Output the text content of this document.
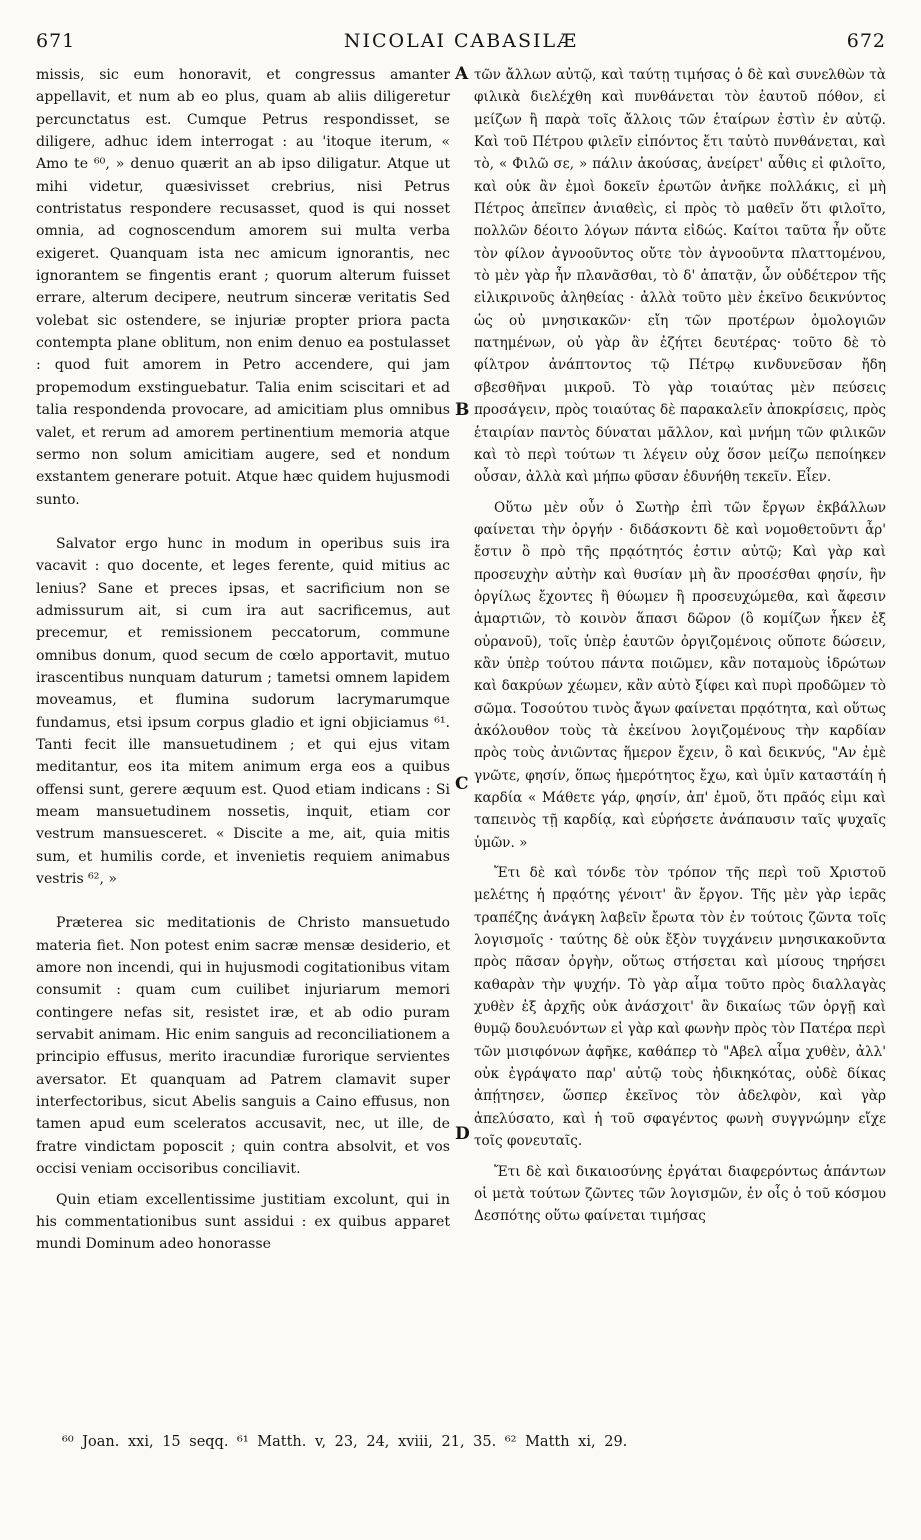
671	NICOLAI CABASILÆ	672

missis, sic eum honoravit, et congressus amanter appellavit, et num ab eo plus, quam ab aliis diligeretur percunctatus est. Cumque Petrus respondisset, se diligere, adhuc idem interrogat : au 'itoque iterum, « Amo te ⁶⁰, » denuo quærit an ab ipso diligatur. Atque ut mihi videtur, quæsivisset crebrius, nisi Petrus contristatus respondere recusasset, quod is qui nosset omnia, ad cognoscendum amorem sui multa verba exigeret. Quanquam ista nec amicum ignorantis, nec ignorantem se fingentis erant ; quorum alterum fuisset errare, alterum decipere, neutrum sinceræ veritatis Sed volebat sic ostendere, se injuriæ propter priora pacta contempta plane oblitum, non enim denuo ea postulasset : quod fuit amorem in Petro accendere, qui jam propemodum exstinguebatur. Talia enim sciscitari et ad talia respondenda provocare, ad amicitiam plus omnibus valet, et rerum ad amorem pertinentium memoria atque sermo non solum amicitiam augere, sed et nondum exstantem generare potuit. Atque hæc quidem hujusmodi sunto.

Salvator ergo hunc in modum in operibus suis ira vacavit : quo docente, et leges ferente, quid mitius ac lenius? Sane et preces ipsas, et sacrificium non se admissurum ait, si cum ira aut sacrificemus, aut precemur, et remissionem peccatorum, commune omnibus donum, quod secum de cœlo apportavit, mutuo irascentibus nunquam daturum ; tametsi omnem lapidem moveamus, et flumina sudorum lacrymarumque fundamus, etsi ipsum corpus gladio et igni objiciamus ⁶¹. Tanti fecit ille mansuetudinem ; et qui ejus vitam meditantur, eos ita mitem animum erga eos a quibus offensi sunt, gerere æquum est. Quod etiam indicans : Si meam mansuetudinem nossetis, inquit, etiam cor vestrum mansuesceret. « Discite a me, ait, quia mitis sum, et humilis corde, et invenietis requiem animabus vestris ⁶², »

Præterea sic meditationis de Christo mansuetudo materia fiet. Non potest enim sacræ mensæ desiderio, et amore non incendi, qui in hujusmodi cogitationibus vitam consumit : quam cum cuilibet injuriarum memori contingere nefas sit, resistet iræ, et ab odio puram servabit animam. Hic enim sanguis ad reconciliationem a principio effusus, merito iracundiæ furorique servientes aversator. Et quanquam ad Patrem clamavit super interfectoribus, sicut Abelis sanguis a Caino effusus, non tamen apud eum sceleratos accusavit, nec, ut ille, de fratre vindictam poposcit ; quin contra absolvit, et vos occisi veniam occisoribus conciliavit.

Quin etiam excellentissime justitiam excolunt, qui in his commentationibus sunt assidui : ex quibus apparet mundi Dominum adeo honorasse

A
B
C
D

τῶν ἄλλων αὐτῷ, καὶ ταύτῃ τιμήσας ὁ δὲ καὶ συνελθὼν τὰ φιλικὰ διελέχθη καὶ πυνθάνεται τὸν ἑαυτοῦ πόθον, εἰ μείζων ἢ παρὰ τοῖς ἄλλοις τῶν ἑταίρων ἐστὶν ἐν αὐτῷ. Καὶ τοῦ Πέτρου φιλεῖν εἰπόντος ἔτι ταὐτὸ πυνθάνεται, καὶ τὸ, « Φιλῶ σε, » πάλιν ἀκούσας, ἀνείρετ' αὖθις εἰ φιλοῖτο, καὶ οὐκ ἂν ἐμοὶ δοκεῖν ἐρωτῶν ἀνῆκε πολλάκις, εἰ μὴ Πέτρος ἀπεῖπεν ἀνιαθεὶς, εἰ πρὸς τὸ μαθεῖν ὅτι φιλοῖτο, πολλῶν δέοιτο λόγων πάντα εἰδώς. Καίτοι ταῦτα ἦν οὔτε τὸν φίλον ἀγνοοῦντος οὔτε τὸν ἀγνοοῦντα πλαττομένου, τὸ μὲν γὰρ ἦν πλανᾶσθαι, τὸ δ' ἀπατᾷν, ὧν οὐδέτερον τῆς εἰλικρινοῦς ἀληθείας · ἀλλὰ τοῦτο μὲν ἐκεῖνο δεικνύντος ὡς οὐ μνησικακῶν· εἴη τῶν προτέρων ὁμολογιῶν πατημένων, οὐ γὰρ ἂν ἐζήτει δευτέρας· τοῦτο δὲ τὸ φίλτρον ἀνάπτοντος τῷ Πέτρῳ κινδυνεῦσαν ἤδη σβεσθῆναι μικροῦ. Τὸ γὰρ τοιαύτας μὲν πεύσεις προσάγειν, πρὸς τοιαύτας δὲ παρακαλεῖν ἀποκρίσεις, πρὸς ἑταιρίαν παντὸς δύναται μᾶλλον, καὶ μνήμη τῶν φιλικῶν καὶ τὸ περὶ τούτων τι λέγειν οὐχ ὅσον μείζω πεποίηκεν οὖσαν, ἀλλὰ καὶ μήπω φῦσαν ἐδυνήθη τεκεῖν. Εἶεν.

Οὕτω μὲν οὖν ὁ Σωτὴρ ἐπὶ τῶν ἔργων ἐκβάλλων φαίνεται τὴν ὀργήν · διδάσκοντι δὲ καὶ νομοθετοῦντι ἆρ' ἔστιν ὃ πρὸ τῆς πρᾳότητός ἐστιν αὐτῷ; Καὶ γὰρ καὶ προσευχὴν αὐτὴν καὶ θυσίαν μὴ ἂν προσέσθαι φησίν, ἣν ὀργίλως ἔχοντες ἢ θύωμεν ἢ προσευχώμεθα, καὶ ἄφεσιν ἁμαρτιῶν, τὸ κοινὸν ἅπασι δῶρον (ὃ κομίζων ἧκεν ἐξ οὐρανοῦ), τοῖς ὑπὲρ ἑαυτῶν ὀργιζομένοις οὔποτε δώσειν, κἂν ὑπὲρ τούτου πάντα ποιῶμεν, κἂν ποταμοὺς ἱδρώτων καὶ δακρύων χέωμεν, κἂν αὐτὸ ξίφει καὶ πυρὶ προδῶμεν τὸ σῶμα. Τοσούτου τινὸς ἄγων φαίνεται πρᾳότητα, καὶ οὕτως ἀκόλουθον τοὺς τὰ ἐκείνου λογιζομένους τὴν καρδίαν πρὸς τοὺς ἀνιῶντας ἥμερον ἔχειν, ὃ καὶ δεικνύς, "Αν ἐμὲ γνῶτε, φησίν, ὅπως ἡμερότητος ἔχω, καὶ ὑμῖν καταστάίη ἡ καρδία « Μάθετε γάρ, φησίν, ἀπ' ἐμοῦ, ὅτι πρᾶός εἰμι καὶ ταπεινὸς τῇ καρδίᾳ, καὶ εὑρήσετε ἀνάπαυσιν ταῖς ψυχαῖς ὑμῶν. »

Ἔτι δὲ καὶ τόνδε τὸν τρόπον τῆς περὶ τοῦ Χριστοῦ μελέτης ἡ πρᾳότης γένοιτ' ἂν ἔργον. Τῆς μὲν γὰρ ἱερᾶς τραπέζης ἀνάγκη λαβεῖν ἔρωτα τὸν ἐν τούτοις ζῶντα τοῖς λογισμοῖς · ταύτης δὲ οὐκ ἔξὸν τυγχάνειν μνησικακοῦντα πρὸς πᾶσαν ὀργὴν, οὕτως στήσεται καὶ μίσους τηρήσει καθαρὰν τὴν ψυχήν. Τὸ γὰρ αἷμα τοῦτο πρὸς διαλλαγὰς χυθὲν ἐξ ἀρχῆς οὐκ ἀνάσχοιτ' ἂν δικαίως τῶν ὀργῇ καὶ θυμῷ δουλευόντων εἰ γὰρ καὶ φωνὴν πρὸς τὸν Πατέρα περὶ τῶν μισιφόνων ἀφῆκε, καθάπερ τὸ "Αβελ αἷμα χυθὲν, ἀλλ' οὐκ ἐγράψατο παρ' αὐτῷ τοὺς ἠδικηκότας, οὐδὲ δίκας ἀπῄτησεν, ὥσπερ ἐκεῖνος τὸν ἀδελφὸν, καὶ γὰρ ἀπελύσατο, καὶ ἡ τοῦ σφαγέντος φωνὴ συγγνώμην εἴχε τοῖς φονευταῖς.

Ἔτι δὲ καὶ δικαιοσύνης ἐργάται διαφερόντως ἁπάντων οἱ μετὰ τούτων ζῶντες τῶν λογισμῶν, ἐν οἷς ὁ τοῦ κόσμου Δεσπότης οὕτω φαίνεται τιμήσας

⁶⁰ Joan. xxi, 15 seqq. ⁶¹ Matth. v, 23, 24, xviii, 21, 35. ⁶² Matth xi, 29.
